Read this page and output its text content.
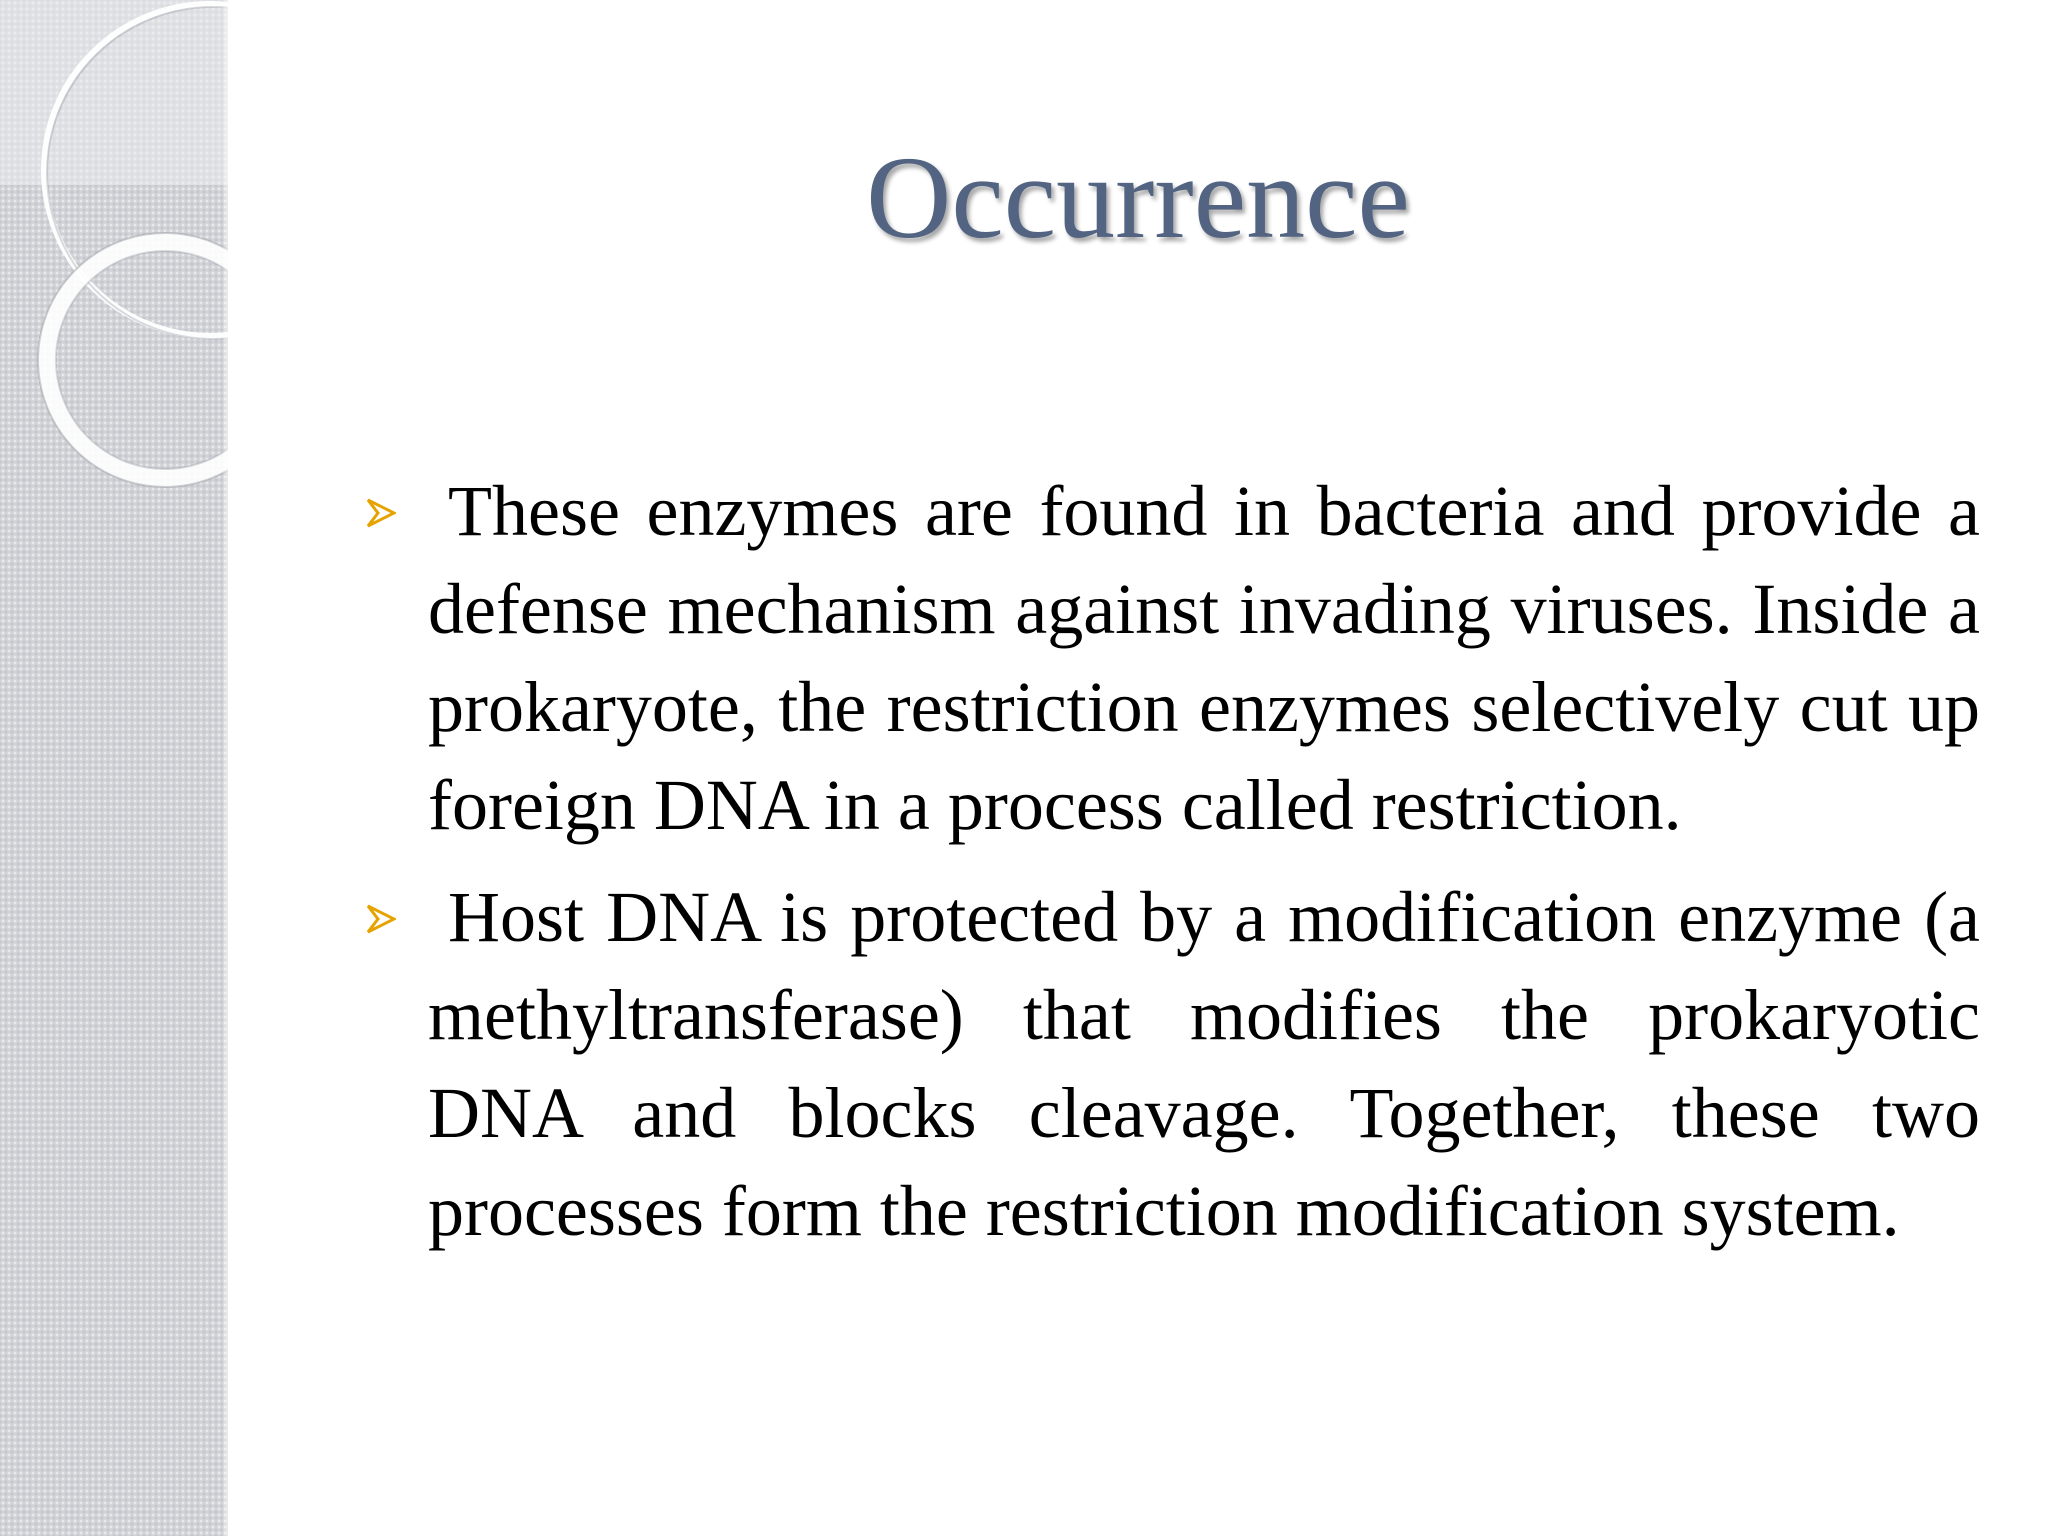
Occurrence
These enzymes are found in bacteria and provide a defense mechanism against invading viruses. Inside a prokaryote, the restriction enzymes selectively cut up foreign DNA in a process called restriction.
Host DNA is protected by a modification enzyme (a methyltransferase) that modifies the prokaryotic DNA and blocks cleavage. Together, these two processes form the restriction modification system.
